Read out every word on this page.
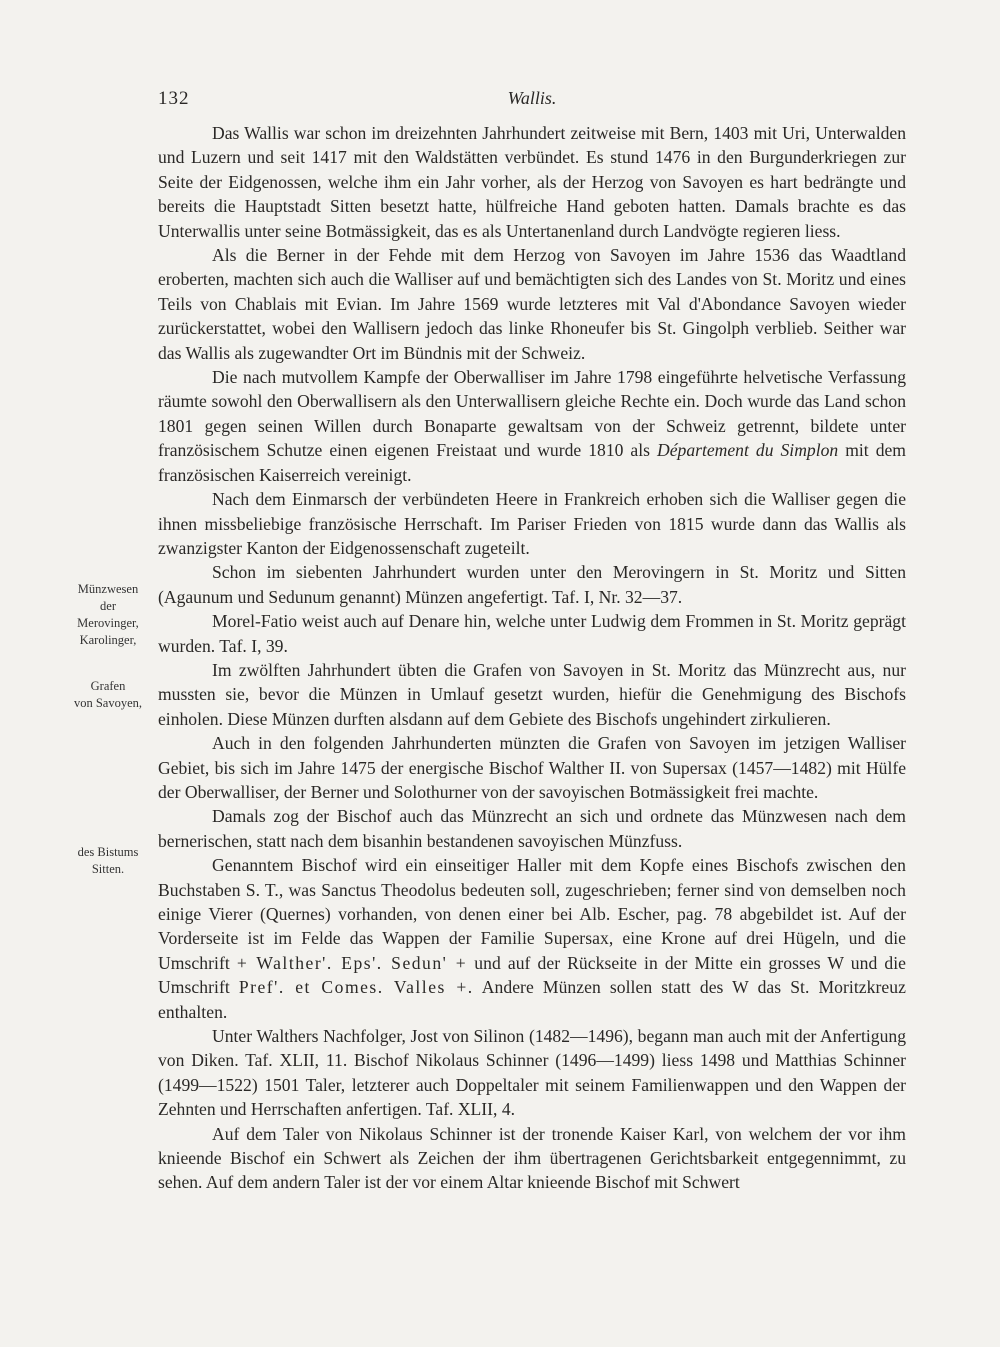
132	Wallis.

Das Wallis war schon im dreizehnten Jahrhundert zeitweise mit Bern, 1403 mit Uri, Unterwalden und Luzern und seit 1417 mit den Waldstätten verbündet. Es stund 1476 in den Burgunderkriegen zur Seite der Eidgenossen, welche ihm ein Jahr vorher, als der Herzog von Savoyen es hart bedrängte und bereits die Hauptstadt Sitten besetzt hatte, hülfreiche Hand geboten hatten. Damals brachte es das Unterwallis unter seine Botmässigkeit, das es als Untertanenland durch Landvögte regieren liess.

Als die Berner in der Fehde mit dem Herzog von Savoyen im Jahre 1536 das Waadtland eroberten, machten sich auch die Walliser auf und bemächtigten sich des Landes von St. Moritz und eines Teils von Chablais mit Evian. Im Jahre 1569 wurde letzteres mit Val d'Abondance Savoyen wieder zurückerstattet, wobei den Wallisern jedoch das linke Rhoneufer bis St. Gingolph verblieb. Seither war das Wallis als zugewandter Ort im Bündnis mit der Schweiz.

Die nach mutvollem Kampfe der Oberwalliser im Jahre 1798 eingeführte helvetische Verfassung räumte sowohl den Oberwallisern als den Unterwallisern gleiche Rechte ein. Doch wurde das Land schon 1801 gegen seinen Willen durch Bonaparte gewaltsam von der Schweiz getrennt, bildete unter französischem Schutze einen eigenen Freistaat und wurde 1810 als Département du Simplon mit dem französischen Kaiserreich vereinigt.

Nach dem Einmarsch der verbündeten Heere in Frankreich erhoben sich die Walliser gegen die ihnen missbeliebige französische Herrschaft. Im Pariser Frieden von 1815 wurde dann das Wallis als zwanzigster Kanton der Eidgenossenschaft zugeteilt.

Schon im siebenten Jahrhundert wurden unter den Merovingern in St. Moritz und Sitten (Agaunum und Sedunum genannt) Münzen angefertigt. Taf. I, Nr. 32—37.

Morel-Fatio weist auch auf Denare hin, welche unter Ludwig dem Frommen in St. Moritz geprägt wurden. Taf. I, 39.

Im zwölften Jahrhundert übten die Grafen von Savoyen in St. Moritz das Münzrecht aus, nur mussten sie, bevor die Münzen in Umlauf gesetzt wurden, hiefür die Genehmigung des Bischofs einholen. Diese Münzen durften alsdann auf dem Gebiete des Bischofs ungehindert zirkulieren.

Auch in den folgenden Jahrhunderten münzten die Grafen von Savoyen im jetzigen Walliser Gebiet, bis sich im Jahre 1475 der energische Bischof Walther II. von Supersax (1457—1482) mit Hülfe der Oberwalliser, der Berner und Solothurner von der savoyischen Botmässigkeit frei machte.

Damals zog der Bischof auch das Münzrecht an sich und ordnete das Münzwesen nach dem bernerischen, statt nach dem bisanhin bestandenen savoyischen Münzfuss.

Genanntem Bischof wird ein einseitiger Haller mit dem Kopfe eines Bischofs zwischen den Buchstaben S. T., was Sanctus Theodolus bedeuten soll, zugeschrieben; ferner sind von demselben noch einige Vierer (Quernes) vorhanden, von denen einer bei Alb. Escher, pag. 78 abgebildet ist. Auf der Vorderseite ist im Felde das Wappen der Familie Supersax, eine Krone auf drei Hügeln, und die Umschrift + Walther'. Eps'. Sedun' + und auf der Rückseite in der Mitte ein grosses W und die Umschrift Pref'. et Comes. Valles +. Andere Münzen sollen statt des W das St. Moritzkreuz enthalten.

Unter Walthers Nachfolger, Jost von Silinon (1482—1496), begann man auch mit der Anfertigung von Diken. Taf. XLII, 11. Bischof Nikolaus Schinner (1496—1499) liess 1498 und Matthias Schinner (1499—1522) 1501 Taler, letzterer auch Doppeltaler mit seinem Familienwappen und den Wappen der Zehnten und Herrschaften anfertigen. Taf. XLII, 4.

Auf dem Taler von Nikolaus Schinner ist der tronende Kaiser Karl, von welchem der vor ihm knieende Bischof ein Schwert als Zeichen der ihm übertragenen Gerichtsbarkeit entgegennimmt, zu sehen. Auf dem andern Taler ist der vor einem Altar knieende Bischof mit Schwert

Münzwesen
der
Merovinger,
Karolinger,
Grafen
von Savoyen,
des Bistums
Sitten.
